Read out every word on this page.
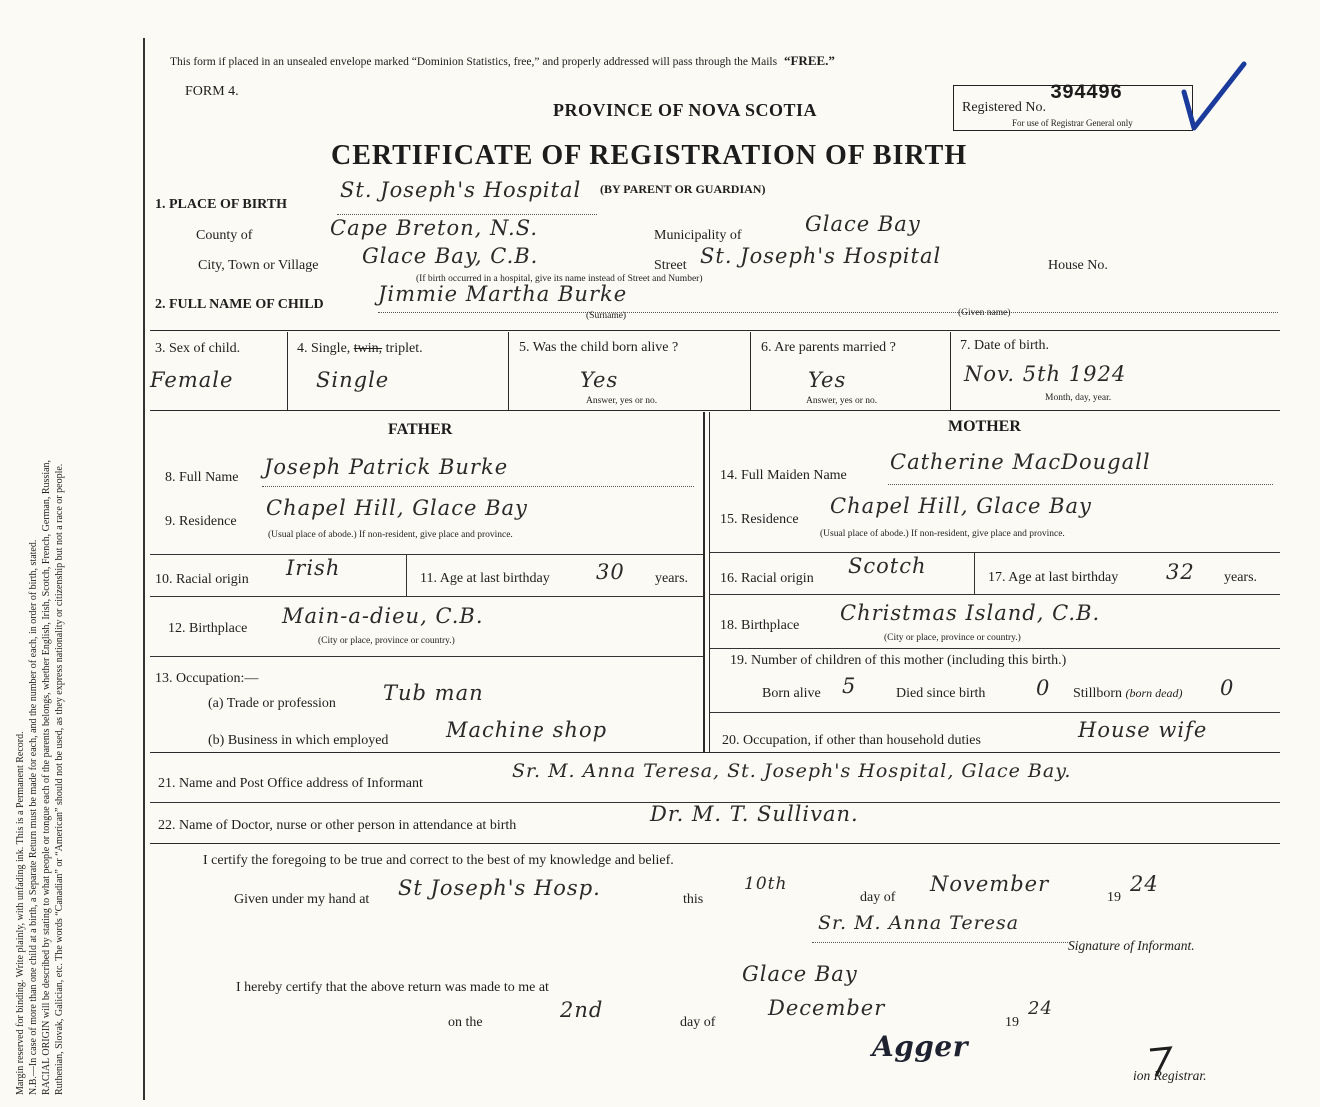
Margin reserved for binding. Write plainly, with unfading ink. This is a Permanent Record. N.B.—In case of more than one child at a birth, a Separate Return must be made for each, and the number of each, in order of birth, stated. RACIAL ORIGIN will be described by stating to what people or tongue each of the parents belongs, whether English, Irish, Scotch, French, German, Russian, Ruthenian, Slovak, Galician, etc. The words “Canadian” or “American” should not be used, as they express nationality or citizenship but not a race or people.
This form if placed in an unsealed envelope marked “Dominion Statistics, free,” and properly addressed will pass through the Mails “FREE.”
FORM 4.
PROVINCE OF NOVA SCOTIA	Registered No.
394496
For use of Registrar General only
CERTIFICATE OF REGISTRATION OF BIRTH
1. PLACE OF BIRTH
St. Joseph's Hospital (BY PARENT OR GUARDIAN)
County of	Cape Breton, N.S.	Municipality of	Glace Bay
City, Town or Village Glace Bay, C.B.	Street St. Joseph's Hospital	House No.
(If birth occurred in a hospital, give its name instead of Street and Number)
2. FULL NAME OF CHILD	Jimmie Martha Burke
(Surname)	(Given name)
3. Sex of child.
Female
4. Single, twin, triplet.
Single
5. Was the child born alive ?
Yes
Answer, yes or no.
6. Are parents married ?
Yes
Answer, yes or no.
7. Date of birth.
Nov. 5th 1924
Month, day, year.
FATHER	MOTHER
8. Full Name Joseph Patrick Burke
9. Residence
Chapel Hill, Glace Bay
(Usual place of abode.) If non-resident, give place and province.
10. Racial origin Irish	11. Age at last birthday 30 years.
12. Birthplace
Main-a-dieu, C.B.
(City or place, province or country.)
13. Occupation:—
(a) Trade or profession Tub man
(b) Business in which employed	Machine shop
14. Full Maiden Name
Catherine MacDougall
15. Residence
Chapel Hill, Glace Bay
(Usual place of abode.) If non-resident, give place and province.
16. Racial origin
Scotch	17. Age at last birthday 32 years.
18. Birthplace
Christmas Island, C.B.
(City or place, province or country.)
19. Number of children of this mother (including this birth.)
Born alive 5	Died since birth 0 Stillborn (born dead) 0
20. Occupation, if other than household duties	House wife
21. Name and Post Office address of Informant
Sr. M. Anna Teresa, St. Joseph's Hospital, Glace Bay.
22. Name of Doctor, nurse or other person in attendance at birth	Dr. M. T. Sullivan.
I certify the foregoing to be true and correct to the best of my knowledge and belief.
Given under my hand at St Joseph's Hosp.	this
10th
day of
November
19
24
Sr. M. Anna Teresa
Signature of Informant.
I hereby certify that the above return was made to me at
Glace Bay
on the
2nd
day of
December
19
24
Agger
ion Registrar.
